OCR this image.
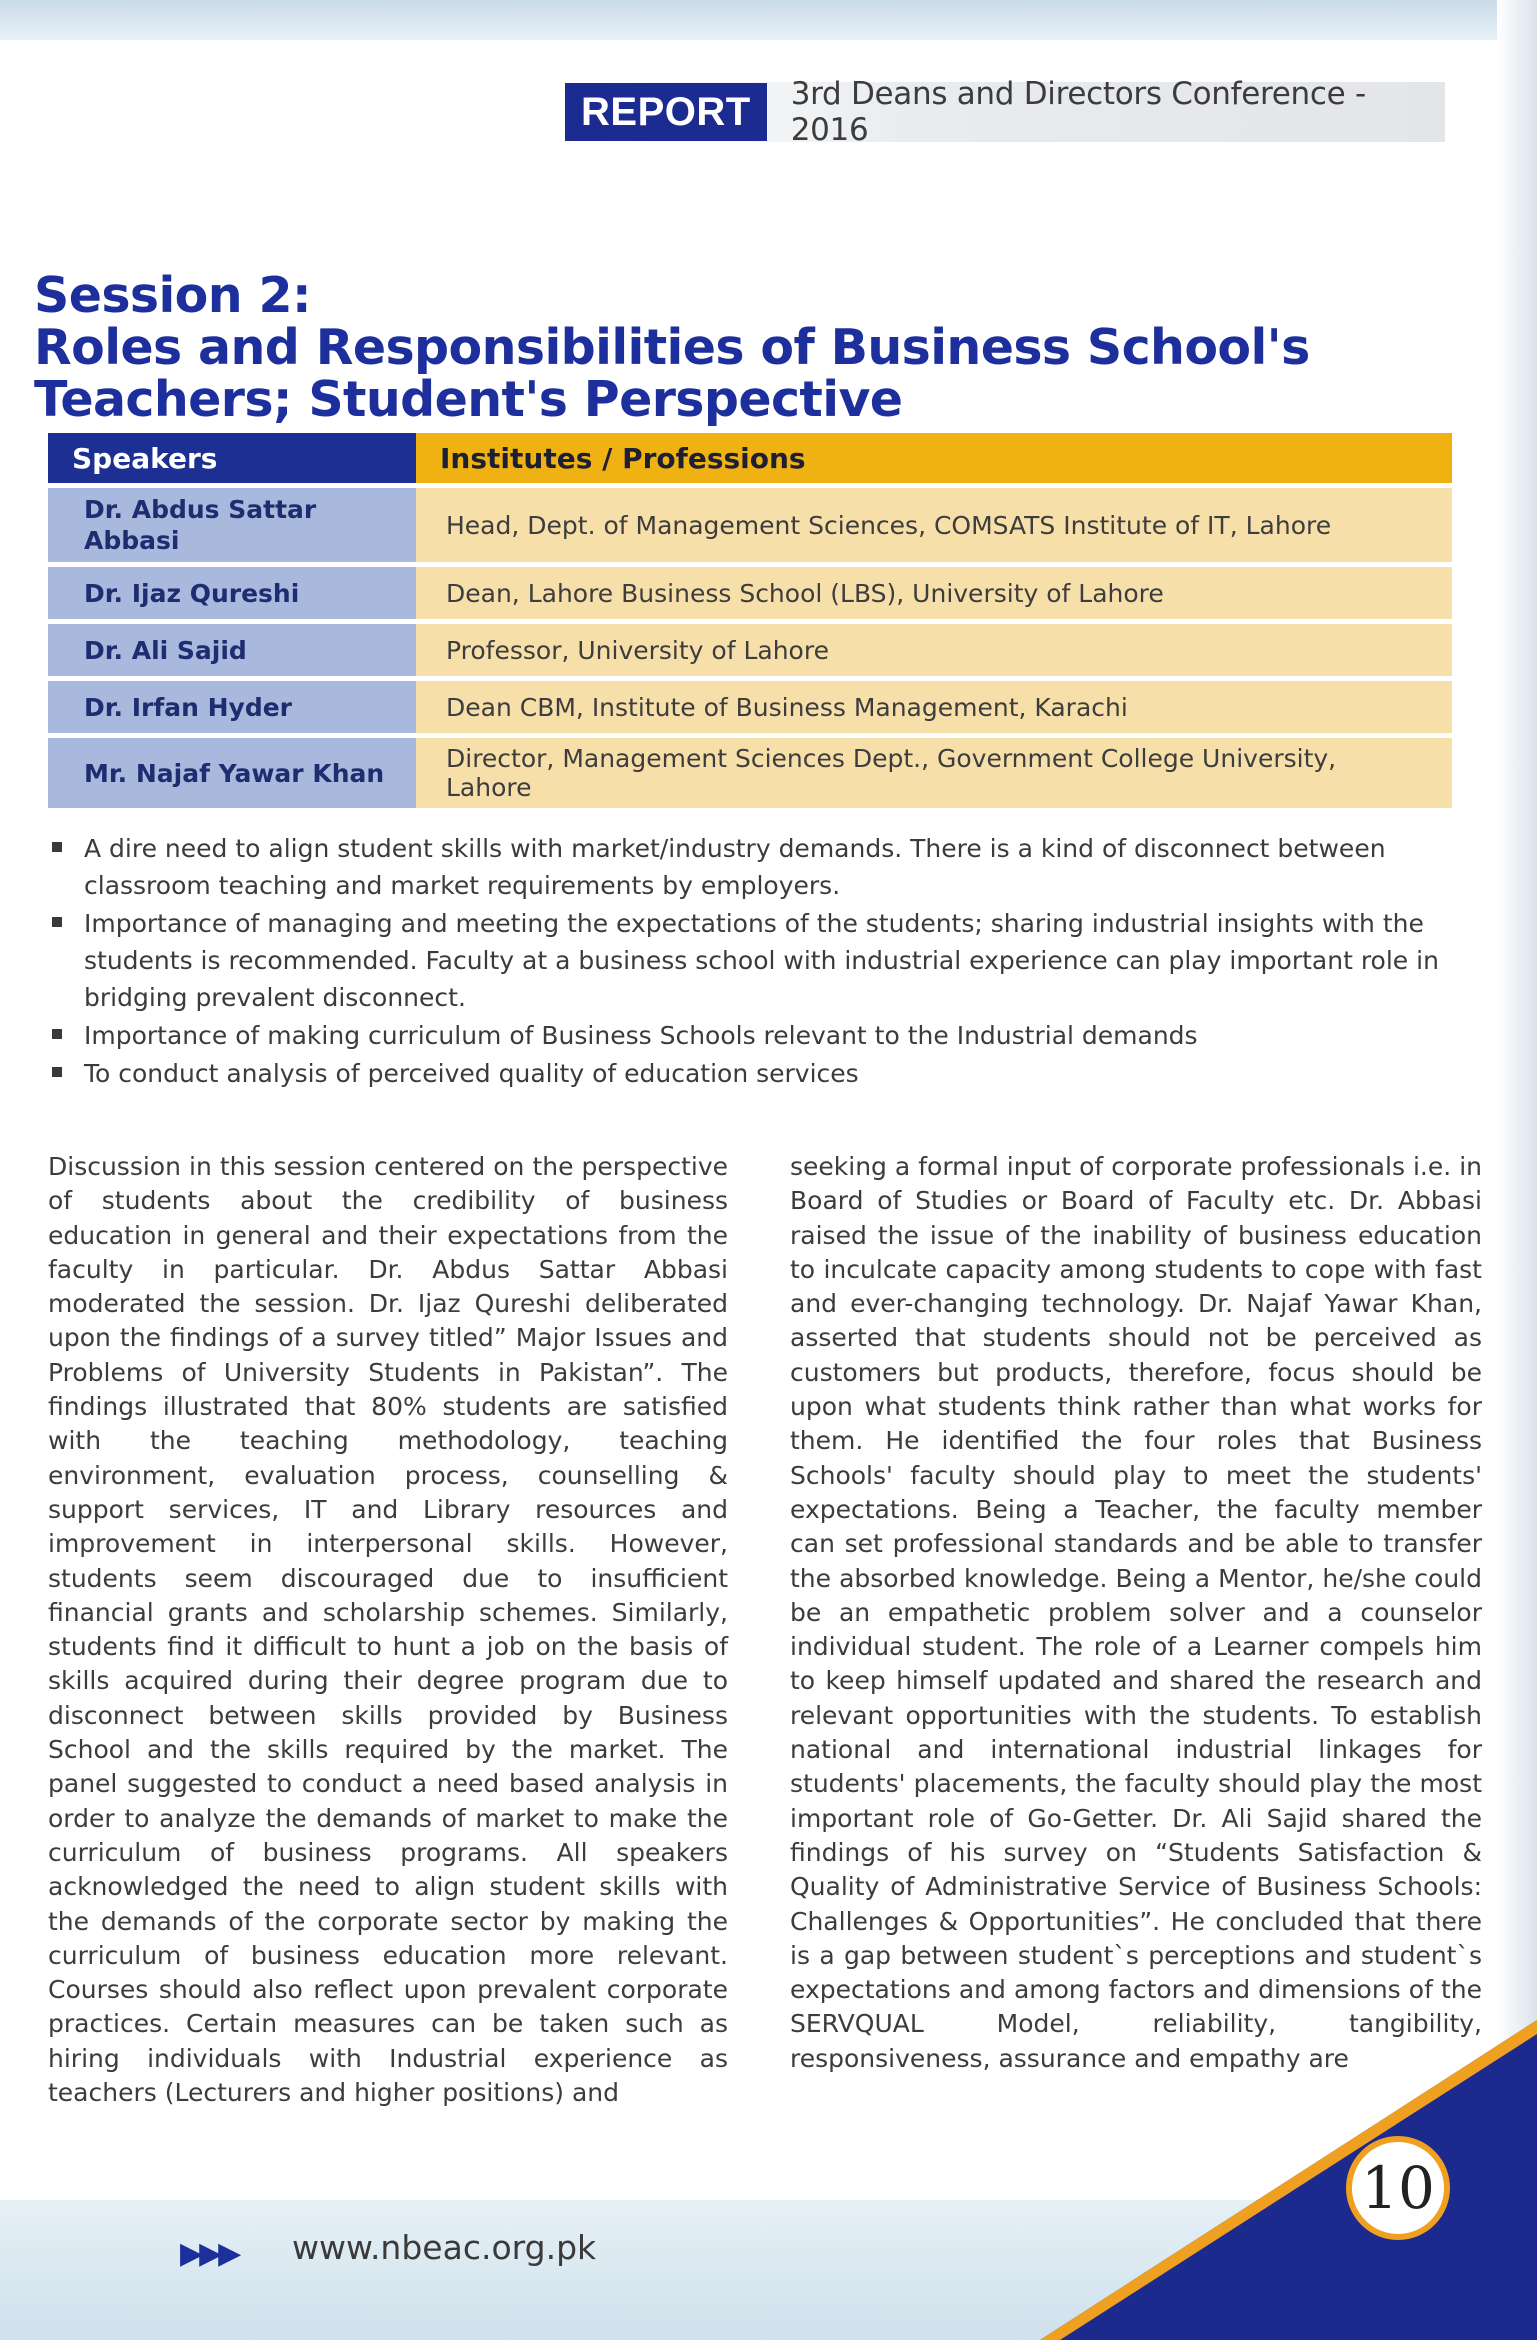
REPORT	3rd Deans and Directors Conference - 2016
Session 2:
Roles and Responsibilities of Business School's
Teachers; Student's Perspective
Speakers	Institutes / Professions

Dr. Abdus Sattar
Abbasi	Head, Dept. of Management Sciences, COMSATS Institute of IT, Lahore
Dr. Ijaz Qureshi	Dean, Lahore Business School (LBS), University of Lahore
Dr. Ali Sajid	Professor, University of Lahore
Dr. Irfan Hyder	Dean CBM, Institute of Business Management, Karachi
Mr. Najaf Yawar Khan	Director, Management Sciences Dept., Government College University, Lahore
A dire need to align student skills with market/industry demands. There is a kind of disconnect between classroom teaching and market requirements by employers.
Importance of managing and meeting the expectations of the students; sharing industrial insights with the students is recommended. Faculty at a business school with industrial experience can play important role in bridging prevalent disconnect.
Importance of making curriculum of Business Schools relevant to the Industrial demands
To conduct analysis of perceived quality of education services
Discussion in this session centered on the perspective of students about the credibility of business education in general and their expectations from the faculty in particular. Dr. Abdus Sattar Abbasi moderated the session. Dr. Ijaz Qureshi deliberated upon the findings of a survey titled” Major Issues and Problems of University Students in Pakistan”. The findings illustrated that 80% students are satisfied with the teaching methodology, teaching environment, evaluation process, counselling & support services, IT and Library resources and improvement in interpersonal skills. However, students seem discouraged due to insufficient financial grants and scholarship schemes. Similarly, students find it difficult to hunt a job on the basis of skills acquired during their degree program due to disconnect between skills provided by Business School and the skills required by the market. The panel suggested to conduct a need based analysis in order to analyze the demands of market to make the curriculum of business programs. All speakers acknowledged the need to align student skills with the demands of the corporate sector by making the curriculum of business education more relevant. Courses should also reflect upon prevalent corporate practices. Certain measures can be taken such as hiring individuals with Industrial experience as teachers (Lecturers and higher positions) and
seeking a formal input of corporate professionals i.e. in Board of Studies or Board of Faculty etc. Dr. Abbasi raised the issue of the inability of business education to inculcate capacity among students to cope with fast and ever-changing technology. Dr. Najaf Yawar Khan, asserted that students should not be perceived as customers but products, therefore, focus should be upon what students think rather than what works for them. He identified the four roles that Business Schools' faculty should play to meet the students' expectations. Being a Teacher, the faculty member can set professional standards and be able to transfer the absorbed knowledge. Being a Mentor, he/she could be an empathetic problem solver and a counselor individual student. The role of a Learner compels him to keep himself updated and shared the research and relevant opportunities with the students. To establish national and international industrial linkages for students' placements, the faculty should play the most important role of Go-Getter. Dr. Ali Sajid shared the findings of his survey on “Students Satisfaction & Quality of Administrative Service of Business Schools: Challenges & Opportunities”. He concluded that there is a gap between student`s perceptions and student`s expectations and among factors and dimensions of the SERVQUAL Model, reliability, tangibility, responsiveness, assurance and empathy are
▶▶▶ www.nbeac.org.pk
10
